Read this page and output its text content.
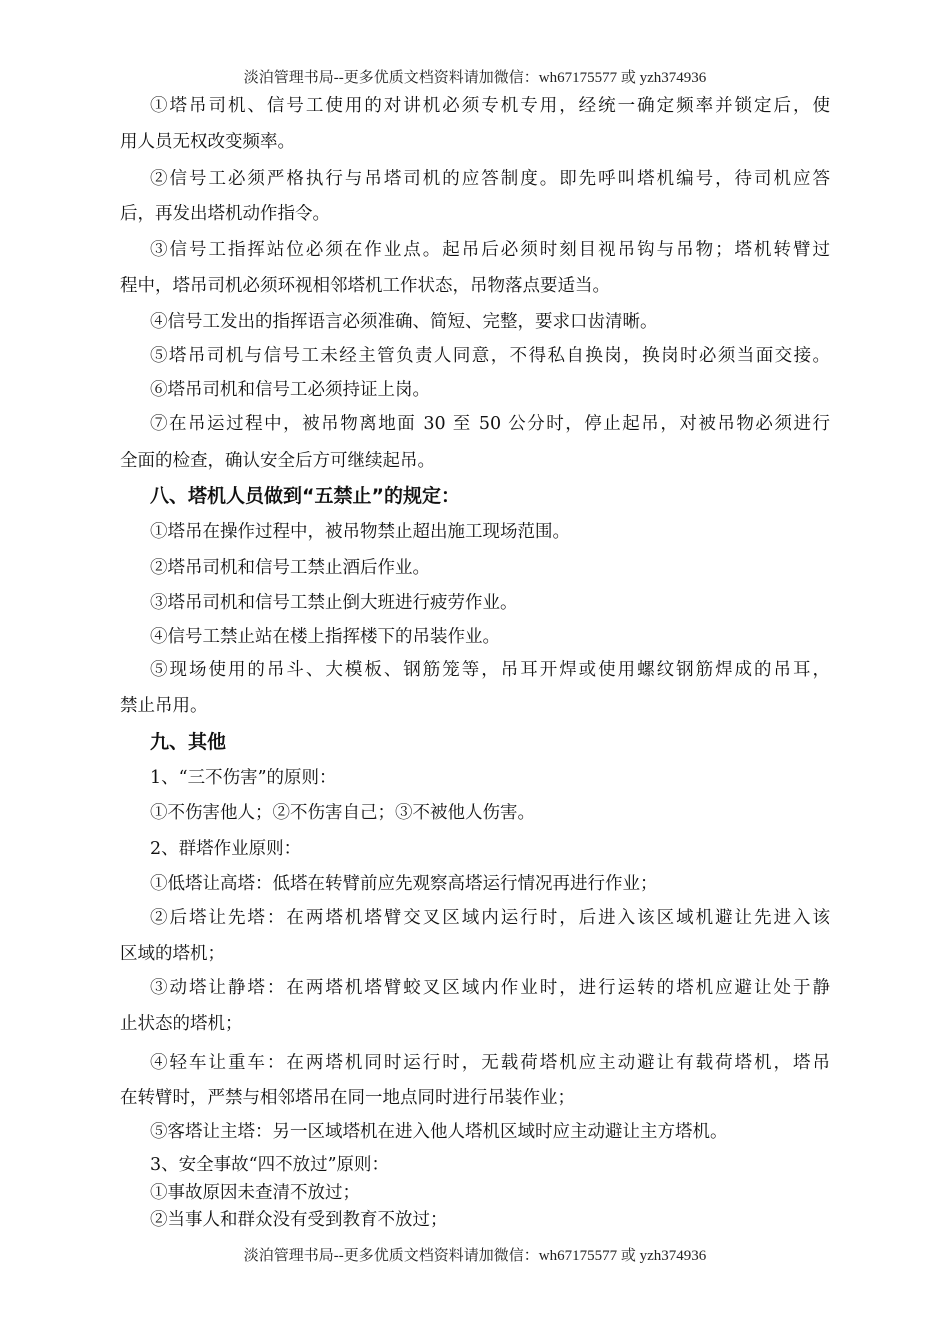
淡泊管理书局--更多优质文档资料请加微信：wh67175577 或 yzh374936
①塔吊司机、信号工使用的对讲机必须专机专用，经统一确定频率并锁定后，使
用人员无权改变频率。
②信号工必须严格执行与吊塔司机的应答制度。即先呼叫塔机编号，待司机应答
后，再发出塔机动作指令。
③信号工指挥站位必须在作业点。起吊后必须时刻目视吊钩与吊物；塔机转臂过
程中，塔吊司机必须环视相邻塔机工作状态，吊物落点要适当。
④信号工发出的指挥语言必须准确、简短、完整，要求口齿清晰。
⑤塔吊司机与信号工未经主管负责人同意，不得私自换岗，换岗时必须当面交接。
⑥塔吊司机和信号工必须持证上岗。
⑦在吊运过程中，被吊物离地面 30 至 50 公分时，停止起吊，对被吊物必须进行
全面的检查，确认安全后方可继续起吊。
八、塔机人员做到“五禁止”的规定：
①塔吊在操作过程中，被吊物禁止超出施工现场范围。
②塔吊司机和信号工禁止酒后作业。
③塔吊司机和信号工禁止倒大班进行疲劳作业。
④信号工禁止站在楼上指挥楼下的吊装作业。
⑤现场使用的吊斗、大模板、钢筋笼等，吊耳开焊或使用螺纹钢筋焊成的吊耳，
禁止吊用。
九、其他
1、“三不伤害”的原则：
①不伤害他人；②不伤害自己；③不被他人伤害。
2、群塔作业原则：
①低塔让高塔：低塔在转臂前应先观察高塔运行情况再进行作业；
②后塔让先塔：在两塔机塔臂交叉区域内运行时，后进入该区域机避让先进入该
区域的塔机；
③动塔让静塔：在两塔机塔臂蛟叉区域内作业时，进行运转的塔机应避让处于静
止状态的塔机；
④轻车让重车：在两塔机同时运行时，无载荷塔机应主动避让有载荷塔机，塔吊
在转臂时，严禁与相邻塔吊在同一地点同时进行吊装作业；
⑤客塔让主塔：另一区域塔机在进入他人塔机区域时应主动避让主方塔机。
3、安全事故“四不放过”原则：
①事故原因未查清不放过；
②当事人和群众没有受到教育不放过；
淡泊管理书局--更多优质文档资料请加微信：wh67175577 或 yzh374936
